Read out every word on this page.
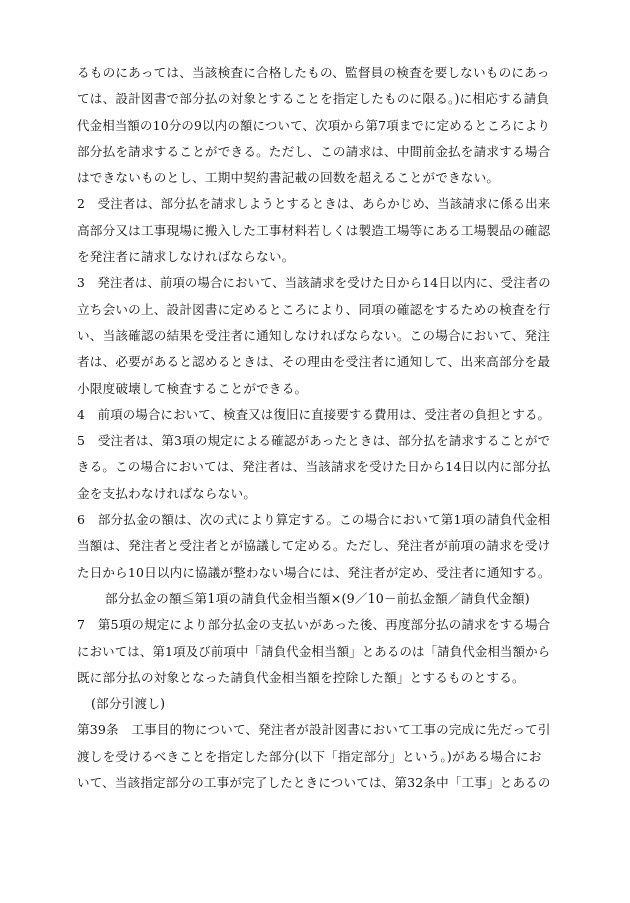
るものにあっては、当該検査に合格したもの、監督員の検査を要しないものにあっ
ては、設計図書で部分払の対象とすることを指定したものに限る。)に相応する請負
代金相当額の10分の9以内の額について、次項から第7項までに定めるところにより
部分払を請求することができる。ただし、この請求は、中間前金払を請求する場合
はできないものとし、工期中契約書記載の回数を超えることができない。
2　受注者は、部分払を請求しようとするときは、あらかじめ、当該請求に係る出来
高部分又は工事現場に搬入した工事材料若しくは製造工場等にある工場製品の確認
を発注者に請求しなければならない。
3　発注者は、前項の場合において、当該請求を受けた日から14日以内に、受注者の
立ち会いの上、設計図書に定めるところにより、同項の確認をするための検査を行
い、当該確認の結果を受注者に通知しなければならない。この場合において、発注
者は、必要があると認めるときは、その理由を受注者に通知して、出来高部分を最
小限度破壊して検査することができる。
4　前項の場合において、検査又は復旧に直接要する費用は、受注者の負担とする。
5　受注者は、第3項の規定による確認があったときは、部分払を請求することがで
きる。この場合においては、発注者は、当該請求を受けた日から14日以内に部分払
金を支払わなければならない。
6　部分払金の額は、次の式により算定する。この場合において第1項の請負代金相
当額は、発注者と受注者とが協議して定める。ただし、発注者が前項の請求を受け
た日から10日以内に協議が整わない場合には、発注者が定め、受注者に通知する。
部分払金の額≦第1項の請負代金相当額×(9／10－前払金額／請負代金額)
7　第5項の規定により部分払金の支払いがあった後、再度部分払の請求をする場合
においては、第1項及び前項中「請負代金相当額」とあるのは「請負代金相当額から
既に部分払の対象となった請負代金相当額を控除した額」とするものとする。
(部分引渡し)
第39条　工事目的物について、発注者が設計図書において工事の完成に先だって引
渡しを受けるべきことを指定した部分(以下「指定部分」という。)がある場合にお
いて、当該指定部分の工事が完了したときについては、第32条中「工事」とあるの
